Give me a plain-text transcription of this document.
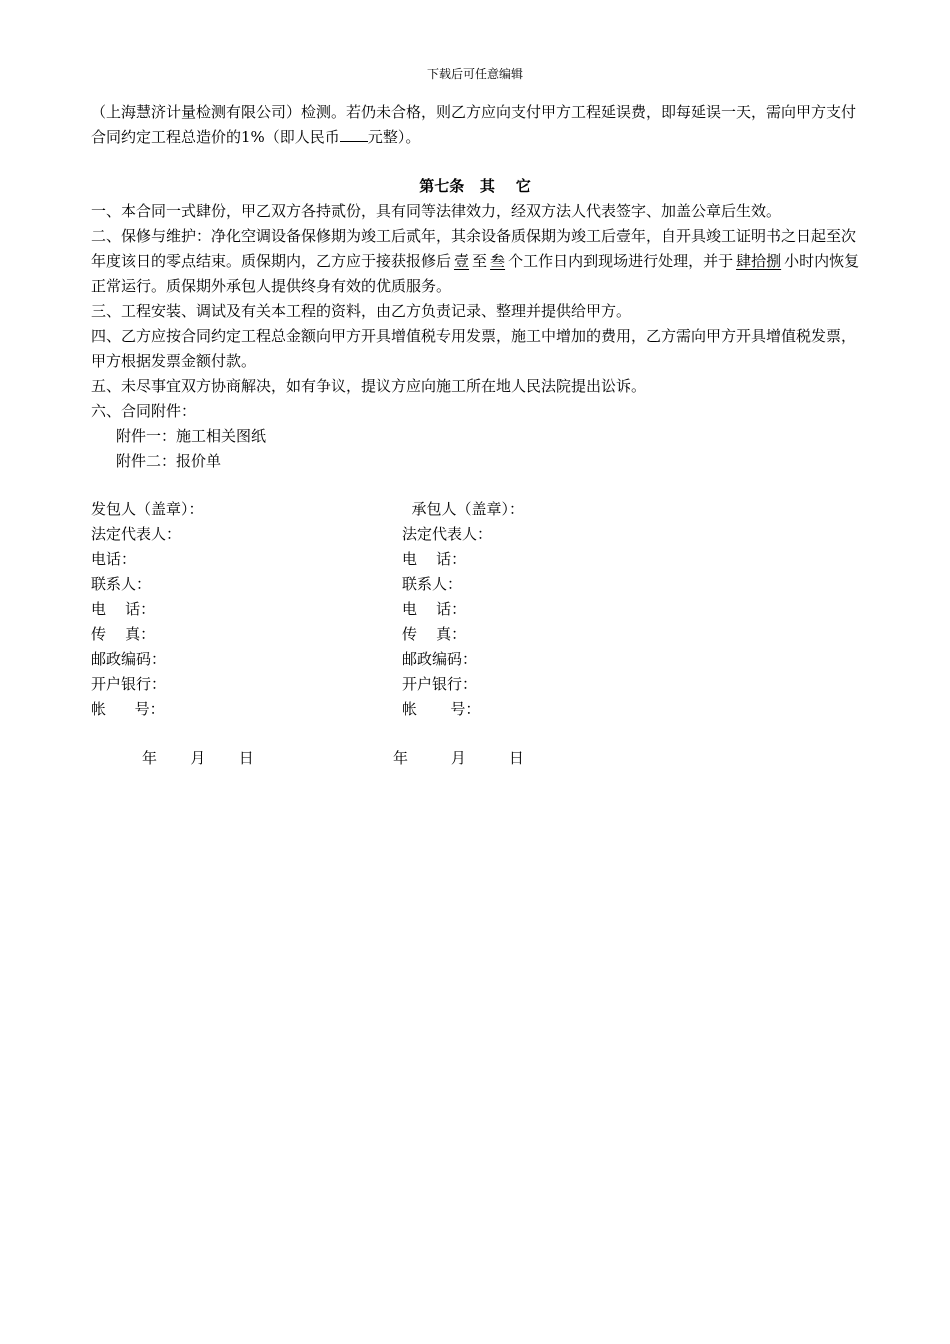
下载后可任意编辑
（上海慧济计量检测有限公司）检测。若仍未合格，则乙方应向支付甲方工程延误费，即每延误一天，需向甲方支付合同约定工程总造价的1%（即人民币 元整）。
第七条   其    它

一、本合同一式肆份，甲乙双方各持贰份，具有同等法律效力，经双方法人代表签字、加盖公章后生效。

二、保修与维护：净化空调设备保修期为竣工后贰年，其余设备质保期为竣工后壹年，自开具竣工证明书之日起至次年度该日的零点结束。质保期内，乙方应于接获报修后 壹 至 叁 个工作日内到现场进行处理，并于 肆拾捌 小时内恢复正常运行。质保期外承包人提供终身有效的优质服务。

三、工程安装、调试及有关本工程的资料，由乙方负责记录、整理并提供给甲方。

四、乙方应按合同约定工程总金额向甲方开具增值税专用发票，施工中增加的费用，乙方需向甲方开具增值税发票，甲方根据发票金额付款。

五、未尽事宜双方协商解决，如有争议，提议方应向施工所在地人民法院提出讼诉。

六、合同附件：

附件一：施工相关图纸

附件二：报价单

发包人（盖章）：
法定代表人：
电话：
联系人：
电    话：
传    真：
邮政编码：
开户银行：
帐      号：
承包人（盖章）：
法定代表人：
电    话：
联系人：
电    话：
传    真：
邮政编码：
开户银行：
帐       号：
年       月       日	年         月         日
